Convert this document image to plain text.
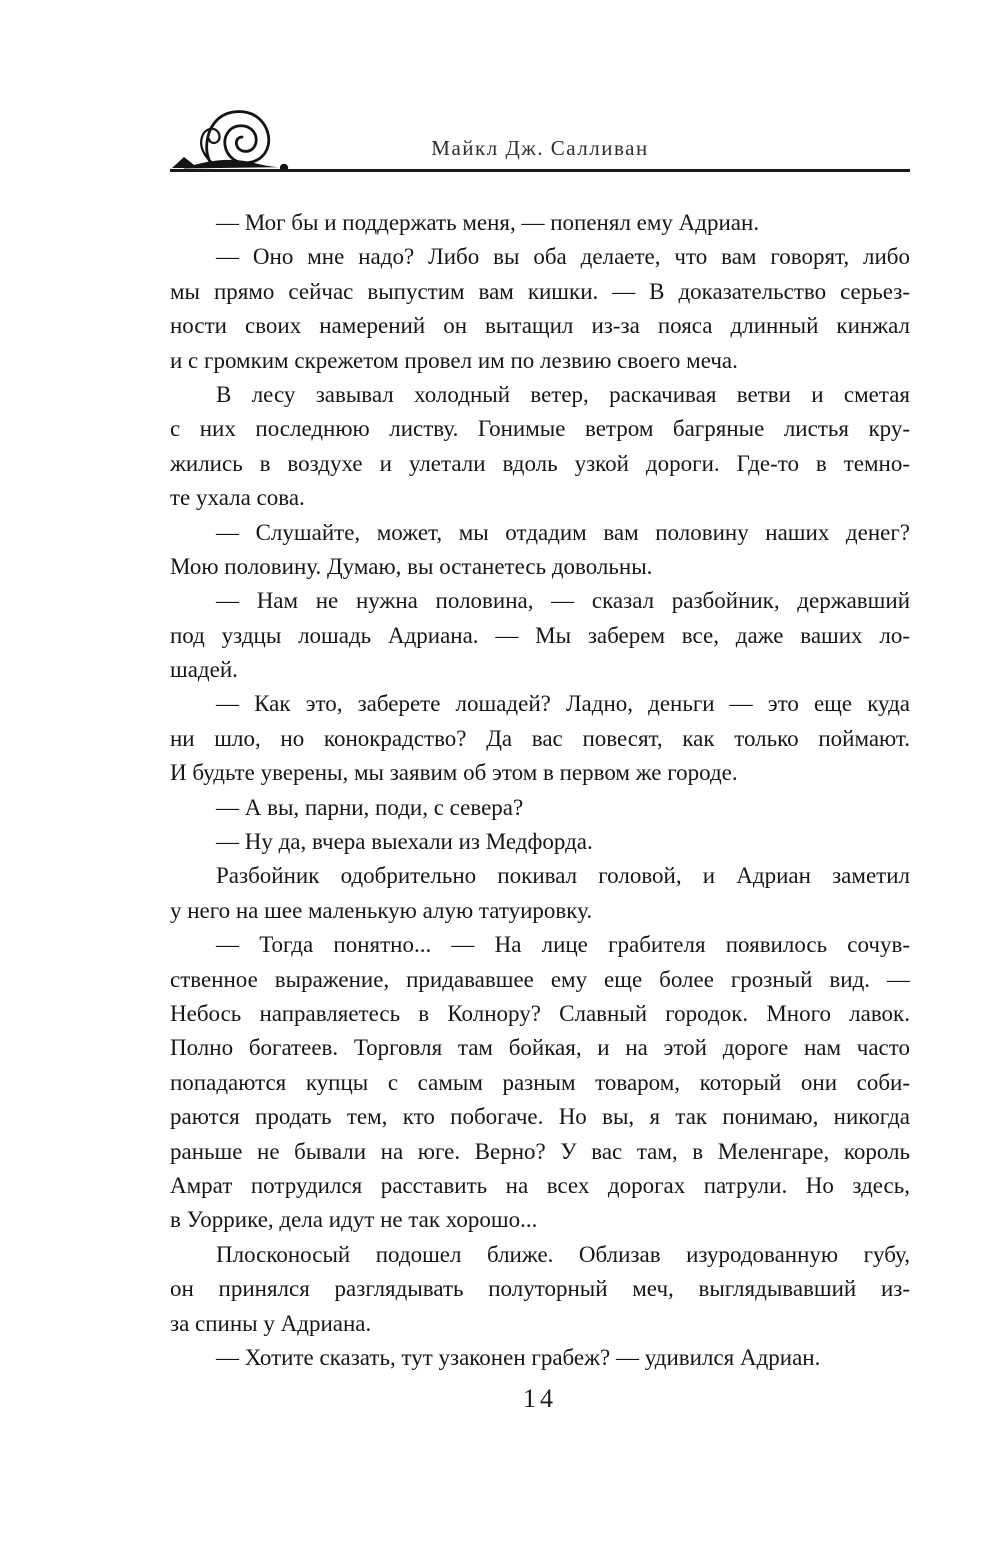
Майкл Дж. Салливан
— Мог бы и поддержать меня, — попенял ему Адриан.
— Оно мне надо? Либо вы оба делаете, что вам говорят, либо
мы прямо сейчас выпустим вам кишки. — В доказательство серьез-
ности своих намерений он вытащил из-за пояса длинный кинжал
и с громким скрежетом провел им по лезвию своего меча.
В лесу завывал холодный ветер, раскачивая ветви и сметая
с них последнюю листву. Гонимые ветром багряные листья кру-
жились в воздухе и улетали вдоль узкой дороги. Где-то в темно-
те ухала сова.
— Слушайте, может, мы отдадим вам половину наших денег?
Мою половину. Думаю, вы останетесь довольны.
— Нам не нужна половина, — сказал разбойник, державший
под уздцы лошадь Адриана. — Мы заберем все, даже ваших ло-
шадей.
— Как это, заберете лошадей? Ладно, деньги — это еще куда
ни шло, но конокрадство? Да вас повесят, как только поймают.
И будьте уверены, мы заявим об этом в первом же городе.
— А вы, парни, поди, с севера?
— Ну да, вчера выехали из Медфорда.
Разбойник одобрительно покивал головой, и Адриан заметил
у него на шее маленькую алую татуировку.
— Тогда понятно... — На лице грабителя появилось сочув-
ственное выражение, придававшее ему еще более грозный вид. —
Небось направляетесь в Колнору? Славный городок. Много лавок.
Полно богатеев. Торговля там бойкая, и на этой дороге нам часто
попадаются купцы с самым разным товаром, который они соби-
раются продать тем, кто побогаче. Но вы, я так понимаю, никогда
раньше не бывали на юге. Верно? У вас там, в Меленгаре, король
Амрат потрудился расставить на всех дорогах патрули. Но здесь,
в Уоррике, дела идут не так хорошо...
Плосконосый подошел ближе. Облизав изуродованную губу,
он принялся разглядывать полуторный меч, выглядывавший из-
за спины у Адриана.
— Хотите сказать, тут узаконен грабеж? — удивился Адриан.
14
